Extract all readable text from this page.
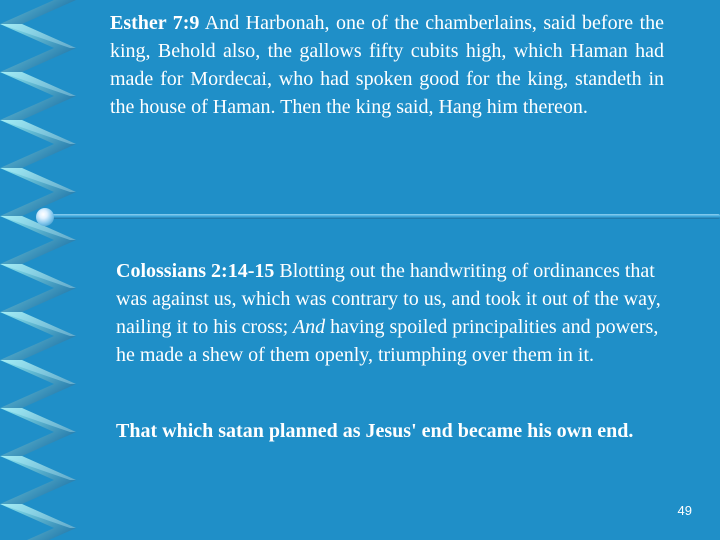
Esther 7:9 And Harbonah, one of the chamberlains, said before the king, Behold also, the gallows fifty cubits high, which Haman had made for Mordecai, who had spoken good for the king, standeth in the house of Haman. Then the king said, Hang him thereon.
Colossians 2:14-15 Blotting out the handwriting of ordinances that was against us, which was contrary to us, and took it out of the way, nailing it to his cross; And having spoiled principalities and powers, he made a shew of them openly, triumphing over them in it.
That which satan planned as Jesus' end became his own end.
49
